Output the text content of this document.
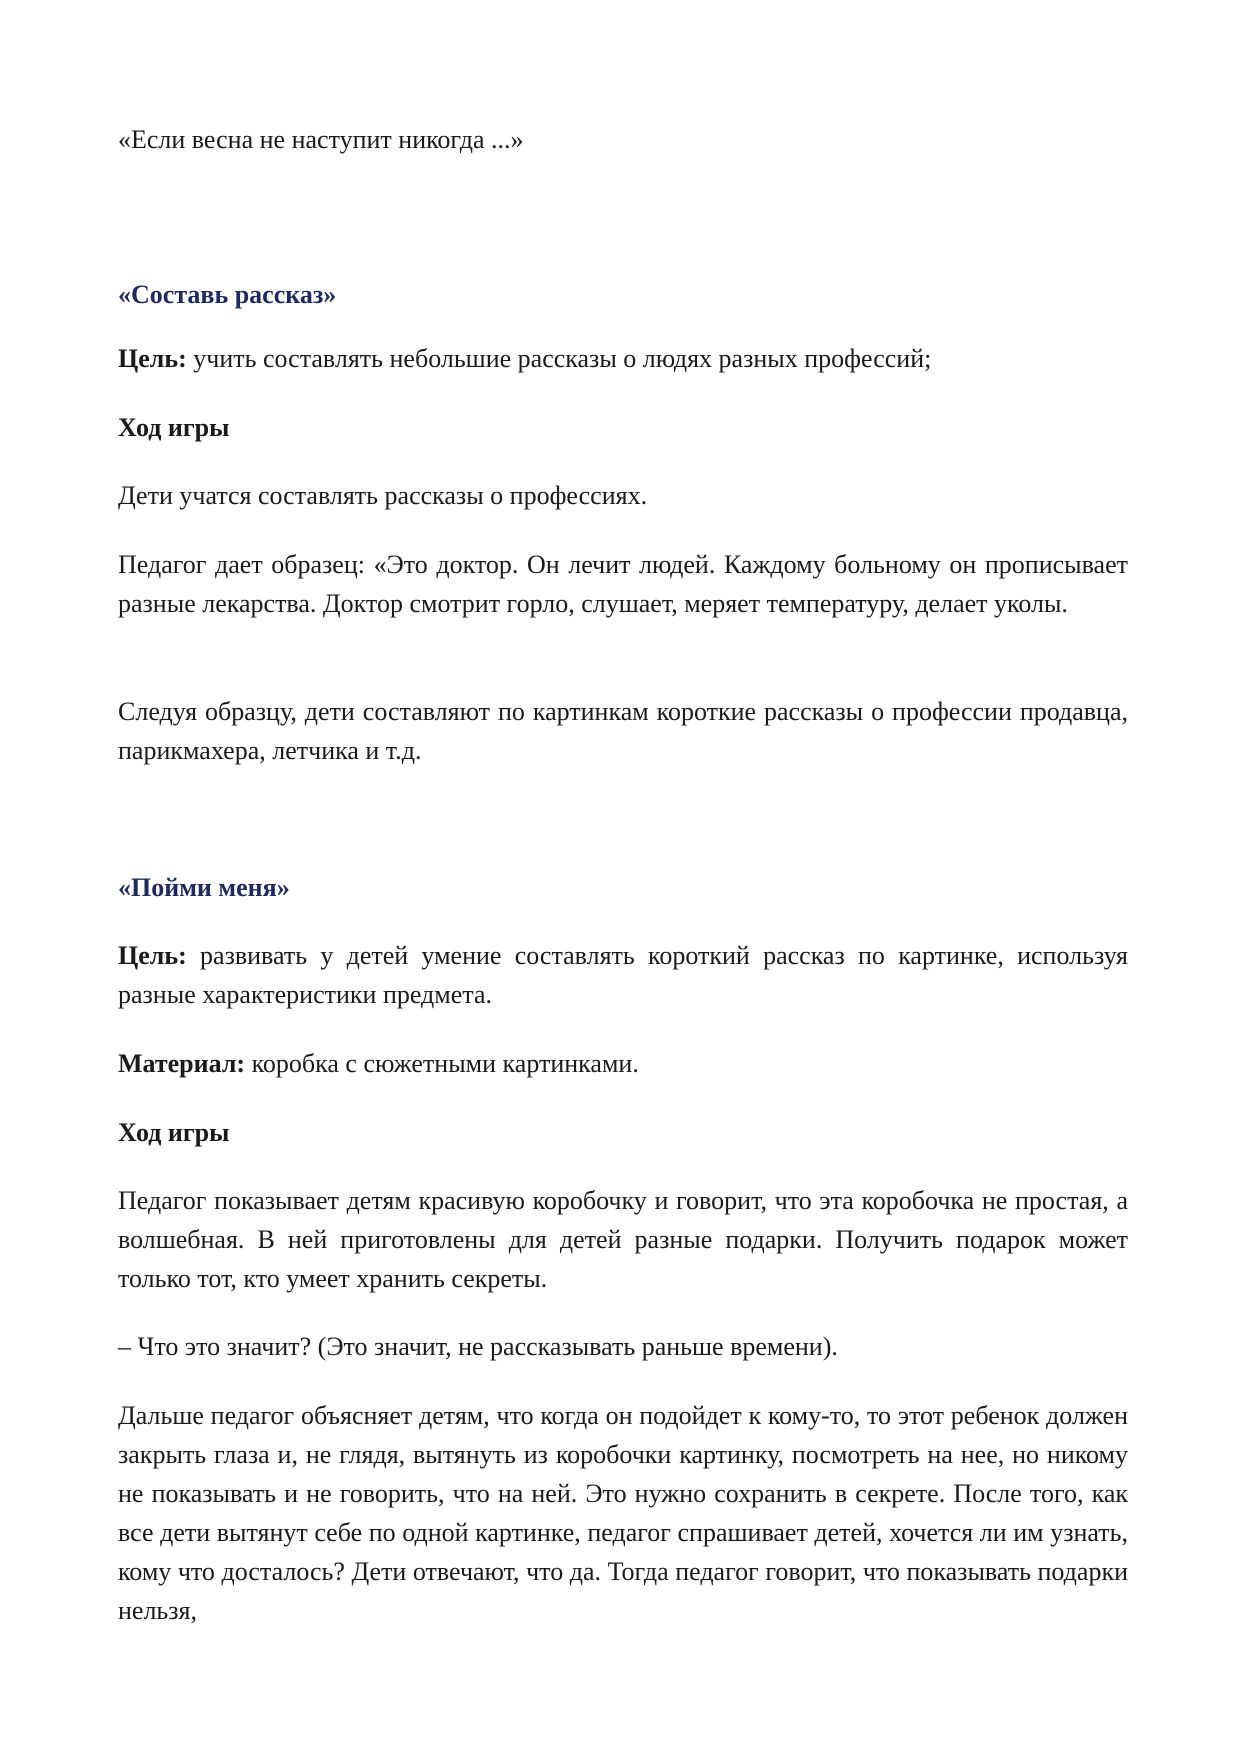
«Если весна не наступит никогда ...»

«Составь рассказ»

Цель: учить составлять небольшие рассказы о людях разных профессий;

Ход игры

Дети учатся составлять рассказы о профессиях.

Педагог дает образец: «Это доктор. Он лечит людей. Каждому больному он прописывает разные лекарства. Доктор смотрит горло, слушает, меряет температуру, делает уколы.

Следуя образцу, дети составляют по картинкам короткие рассказы о профессии продавца, парикмахера, летчика и т.д.

«Пойми меня»

Цель: развивать у детей умение составлять короткий рассказ по картинке, используя разные характеристики предмета.

Материал: коробка с сюжетными картинками.

Ход игры

Педагог показывает детям красивую коробочку и говорит, что эта коробочка не простая, а волшебная. В ней приготовлены для детей разные подарки. Получить подарок может только тот, кто умеет хранить секреты.

– Что это значит? (Это значит, не рассказывать раньше времени).

Дальше педагог объясняет детям, что когда он подойдет к кому-то, то этот ребенок должен закрыть глаза и, не глядя, вытянуть из коробочки картинку, посмотреть на нее, но никому не показывать и не говорить, что на ней. Это нужно сохранить в секрете. После того, как все дети вытянут себе по одной картинке, педагог спрашивает детей, хочется ли им узнать, кому что досталось? Дети отвечают, что да. Тогда педагог говорит, что показывать подарки нельзя,
